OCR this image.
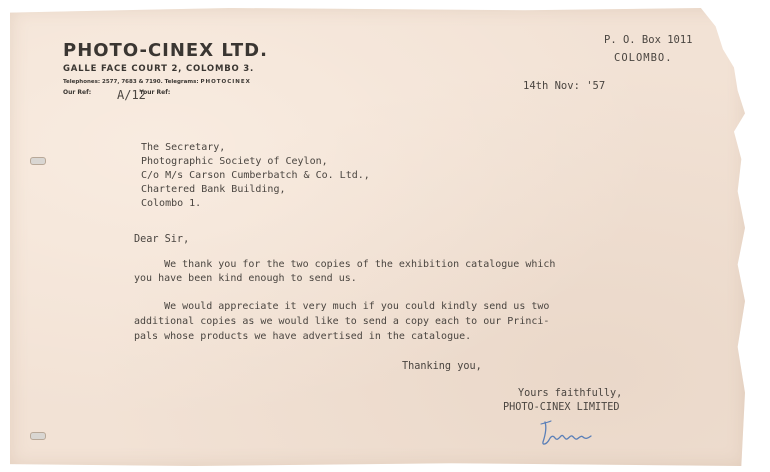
PHOTO-CINEX LTD.
GALLE FACE COURT 2, COLOMBO 3.
Telephones: 2577, 7683 & 7190. Telegrams: PHOTOCINEX
Our Ref:	Your Ref:
A/12
P. O. Box 1011
COLOMBO.
14th Nov: '57
The Secretary,
Photographic Society of Ceylon,
C/o M/s Carson Cumberbatch & Co. Ltd.,
Chartered Bank Building,
Colombo 1.
Dear Sir,
We thank you for the two copies of the exhibition catalogue which
you have been kind enough to send us.
We would appreciate it very much if you could kindly send us two
additional copies as we would like to send a copy each to our Princi-
pals whose products we have advertised in the catalogue.
Thanking you,
Yours faithfully,
PHOTO-CINEX LIMITED
